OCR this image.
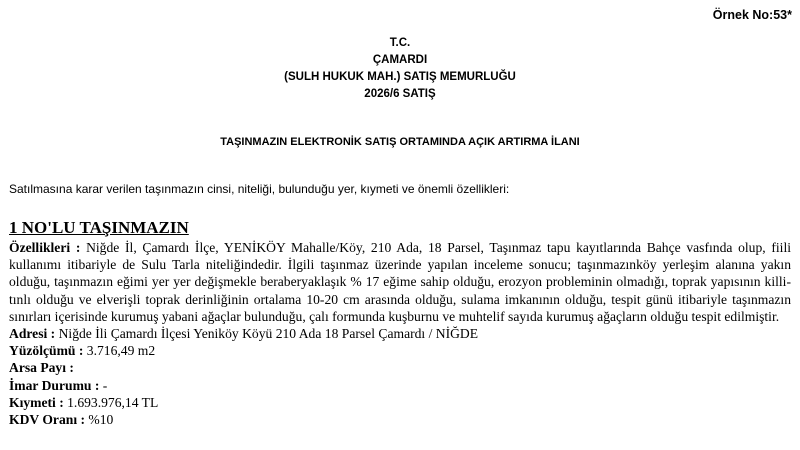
Örnek No:53*
T.C.
ÇAMARDI
(SULH HUKUK MAH.) SATIŞ MEMURLUĞU
2026/6 SATIŞ
TAŞINMAZIN ELEKTRONİK SATIŞ ORTAMINDA AÇIK ARTIRMA İLANI
Satılmasına karar verilen taşınmazın cinsi, niteliği, bulunduğu yer, kıymeti ve önemli özellikleri:
1 NO'LU TAŞINMAZIN
Özellikleri : Niğde İl, Çamardı İlçe, YENİKÖY Mahalle/Köy, 210 Ada, 18 Parsel, Taşınmaz tapu kayıtlarında Bahçe vasfında olup, fiili kullanımı itibariyle de Sulu Tarla niteliğindedir. İlgili taşınmaz üzerinde yapılan inceleme sonucu; taşınmazınköy yerleşim alanına yakın olduğu, taşınmazın eğimi yer yer değişmekle beraberyaklaşık % 17 eğime sahip olduğu, erozyon probleminin olmadığı, toprak yapısının killi-tınlı olduğu ve elverişli toprak derinliğinin ortalama 10-20 cm arasında olduğu, sulama imkanının olduğu, tespit günü itibariyle taşınmazın sınırları içerisinde kurumuş yabani ağaçlar bulunduğu, çalı formunda kuşburnu ve muhtelif sayıda kurumuş ağaçların olduğu tespit edilmiştir.
Adresi : Niğde İli Çamardı İlçesi Yeniköy Köyü 210 Ada 18 Parsel Çamardı / NİĞDE
Yüzölçümü : 3.716,49 m2
Arsa Payı :
İmar Durumu : -
Kıymeti : 1.693.976,14 TL
KDV Oranı : %10
